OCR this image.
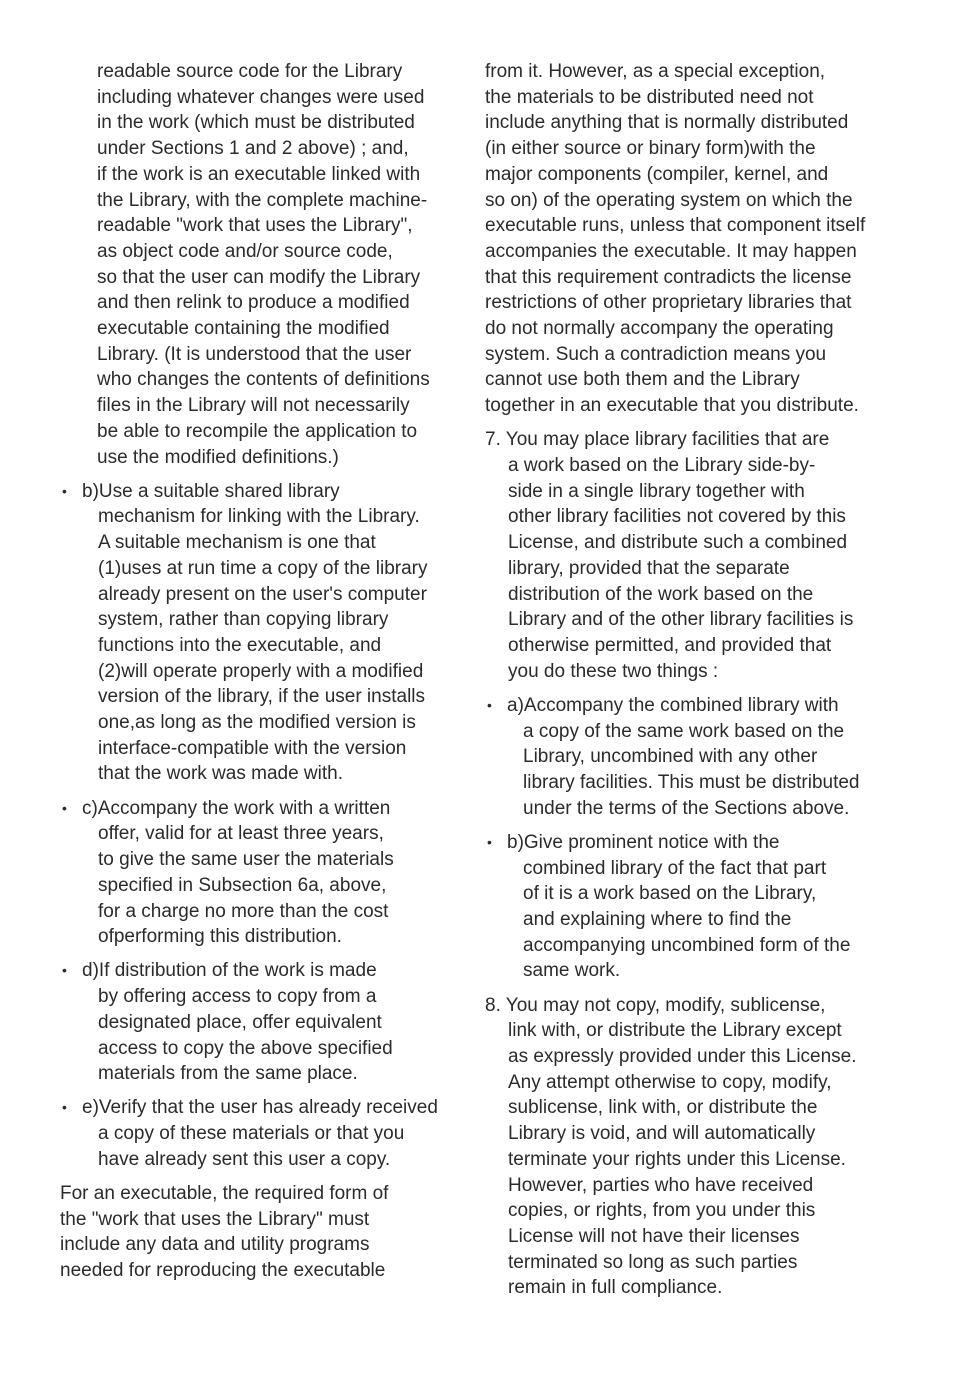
readable source code for the Library
including whatever changes were used
in the work (which must be distributed
under Sections 1 and 2 above) ; and,
if the work is an executable linked with
the Library, with the complete machine-
readable "work that uses the Library",
as object code and/or source code,
so that the user can modify the Library
and then relink to produce a modified
executable containing the modified
Library. (It is understood that the user
who changes the contents of definitions
files in the Library will not necessarily
be able to recompile the application to
use the modified definitions.)
• b)Use a suitable shared library
mechanism for linking with the Library.
A suitable mechanism is one that
(1)uses at run time a copy of the library
already present on the user's computer
system, rather than copying library
functions into the executable, and
(2)will operate properly with a modified
version of the library, if the user installs
one,as long as the modified version is
interface-compatible with the version
that the work was made with.
• c)Accompany the work with a written
offer, valid for at least three years,
to give the same user the materials
specified in Subsection 6a, above,
for a charge no more than the cost
ofperforming this distribution.
• d)If distribution of the work is made
by offering access to copy from a
designated place, offer equivalent
access to copy the above specified
materials from the same place.
• e)Verify that the user has already received
a copy of these materials or that you
have already sent this user a copy.
For an executable, the required form of
the "work that uses the Library" must
include any data and utility programs
needed for reproducing the executable
from it. However, as a special exception,
the materials to be distributed need not
include anything that is normally distributed
(in either source or binary form)with the
major components (compiler, kernel, and
so on) of the operating system on which the
executable runs, unless that component itself
accompanies the executable. It may happen
that this requirement contradicts the license
restrictions of other proprietary libraries that
do not normally accompany the operating
system. Such a contradiction means you
cannot use both them and the Library
together in an executable that you distribute.
7. You may place library facilities that are
a work based on the Library side-by-
side in a single library together with
other library facilities not covered by this
License, and distribute such a combined
library, provided that the separate
distribution of the work based on the
Library and of the other library facilities is
otherwise permitted, and provided that
you do these two things :
• a)Accompany the combined library with
a copy of the same work based on the
Library, uncombined with any other
library facilities. This must be distributed
under the terms of the Sections above.
• b)Give prominent notice with the
combined library of the fact that part
of it is a work based on the Library,
and explaining where to find the
accompanying uncombined form of the
same work.
8. You may not copy, modify, sublicense,
link with, or distribute the Library except
as expressly provided under this License.
Any attempt otherwise to copy, modify,
sublicense, link with, or distribute the
Library is void, and will automatically
terminate your rights under this License.
However, parties who have received
copies, or rights, from you under this
License will not have their licenses
terminated so long as such parties
remain in full compliance.
